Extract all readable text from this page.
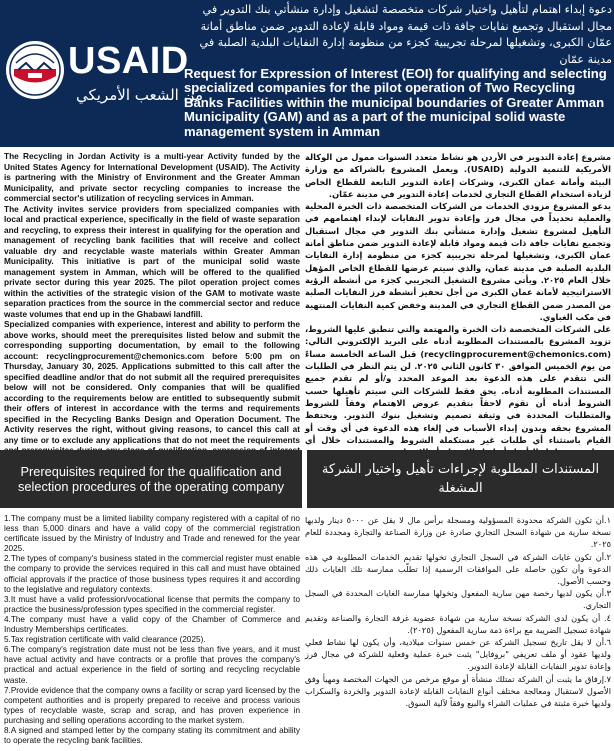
USAID
من الشعب الأمريكي
دعوة إبداء اهتمام لتأهيل واختيار شركات متخصصة لتشغيل وإدارة منشأتي بنك التدوير في مجال استقبال وتجميع نفايات جافة ذات قيمة ومواد قابلة لإعادة التدوير ضمن مناطق أمانة عمّان الكبرى، وتشغيلها لمرحلة تجريبية كجزء من منظومة إدارة النفايات البلدية الصلبة في مدينة عمّان
Request for Expression of Interest (EOI) for qualifying and selecting specialized companies for the pilot operation of Two Recycling Banks Facilities within the municipal boundaries of Greater Amman Municipality (GAM) and as a part of the municipal solid waste management system in Amman

The Recycling in Jordan Activity is a multi-year Activity funded by the United States Agency for International Development (USAID). The Activity is partnering with the Ministry of Environment and the Greater Amman Municipality, and private sector recycling companies to increase the commercial sector's utilization of recycling services in Amman.

The Activity invites service providers from specialized companies with local and practical experience, specifically in the field of waste separation and recycling, to express their interest in qualifying for the operation and management of recycling bank facilities that will receive and collect valuable dry and recyclable waste materials within Greater Amman Municipality. This initiative is part of the municipal solid waste management system in Amman, which will be offered to the qualified private sector during this year 2025. The pilot operation project comes within the activities of the strategic vision of the GAM to motivate waste separation practices from the source in the commercial sector and reduce waste volumes that end up in the Ghabawi landfill.

Specialized companies with experience, interest and ability to perform the above works, should meet the prerequisites listed below and submit the corresponding supporting documentation, by email to the following account: recyclingprocurement@chemonics.com before 5:00 pm on Thursday, January 30, 2025. Applications submitted to this call after the specified deadline and/or that do not submit all the required prerequisites below will not be considered. Only companies that will be qualified according to the requirements below are entitled to subsequently submit their offers of interest in accordance with the terms and requirements specified in the Recycling Banks Design and Operation Document. The Activity reserves the right, without giving reasons, to cancel this call at any time or to exclude any applications that do not meet the requirements

مشروع إعادة التدوير في الأردن هو نشاط متعدد السنوات ممول من الوكالة الأمريكية للتنمية الدولية (USAID). ويعمل المشروع بالشراكة مع وزارة البيئة وأمانة عمان الكبرى، وشركات إعادة التدوير التابعة للقطاع الخاص لزيادة استخدام القطاع التجاري لخدمات إعادة التدوير في مدينة عمّان.

يدعو المشروع مزودي الخدمات من الشركات المتخصصة ذات الخبرة المحلية والعملية تحديداً في مجال فرز وإعادة تدوير النفايات لإبداء اهتمامهم في التأهيل لمشروع تشغيل وإدارة منشأتي بنك التدوير في مجال استقبال وتجميع نفايات جافة ذات قيمة ومواد قابلة لإعادة التدوير ضمن مناطق أمانة عمان الكبرى، وتشغيلها لمرحلة تجريبية كجزء من منظومة إدارة النفايات البلدية الصلبة في مدينة عمان، والذي سيتم عرضها للقطاع الخاص المؤهل خلال العام ٢٠٢٥. ويأتي مشروع التشغيل التجريبي كجزء من أنشطة الرؤية الاستراتيجية لأمانة عمان الكبرى من أجل تحفيز أنشطة فرز النفايات الصلبة من المصدر ضمن القطاع التجاري في المدينة وخفض كمية النفايات المنتهية في مكب الغباوي.

على الشركات المتخصصة ذات الخبرة والمهتمة والتي تنطبق عليها الشروط، تزويد المشروع بالمستندات المطلوبة أدناه على البريد الإلكتروني التالي: (recyclingprocurement@chemonics.com) قبل الساعة الخامسة مساءً من يوم الخميس الموافق ٣٠ كانون الثاني ٢٠٢٥. لن يتم النظر في الطلبات التي تتقدم على هذه الدعوة بعد الموعد المحدد و/أو لم تقدم جميع المستندات المطلوبة أدناه. يحق فقط للشركات التي سيتم تأهيلها حسب الشروط أدناه أن تقوم لاحقاً بتقديم عروض الاهتمام وفقاً للشروط والمتطلبات المحددة في وثيقة تصميم وتشغيل بنوك التدوير. ويحتفظ المشروع بحقه وبدون إبداء الأسباب في إلغاء هذه الدعوة في أي وقت أو القيام باستثناء أي طلبات غير مستكملة الشروط والمستندات خلال أي

Prerequisites required for the qualification and selection procedures of the operating company
المستندات المطلوبة لإجراءات تأهيل واختيار الشركة المشغلة

1.The company must be a limited liability company registered with a capital of no less than 5,000 dinars and have a valid copy of the commercial registration certificate issued by the Ministry of Industry and Trade and renewed for the year 2025.

2.The types of company's business stated in the commercial register must enable the company to provide the services required in this call and must have obtained official approvals if the practice of those business types requires it and according to the legislative and regulatory contexts.

3.It must have a valid profession/vocational license that permits the company to practice the business/profession types specified in the commercial register.

4.The company must have a valid copy of the Chamber of Commerce and Industry Memberships certificates.

5.Tax registration certificate with valid clearance (2025).

6.The company's registration date must not be less than five years, and it must have actual activity and have contracts or a profile that proves the company's practical and actual experience in the field of sorting and recycling recyclable waste.

7.Provide evidence that the company owns a facility or scrap yard licensed by the competent authorities and is properly prepared to receive and process various types of recyclable waste, scrap and scrap, and has proven experience in purchasing and selling operations according to the market system.

8.A signed and stamped letter by the company stating its commitment and ability to operate the recycling bank facilities.

١.أن تكون الشركة محدودة المسؤولية ومسجلة برأس مال لا يقل عن ٥٠٠٠ دينار ولديها نسخة سارية من شهادة السجل التجاري صادرة عن وزارة الصناعة والتجارة ومجددة للعام ٢٠٢٥.

٢.أن تكون غايات الشركة في السجل التجاري تخولها تقديم الخدمات المطلوبة في هذه الدعوة وأن تكون حاصلة على الموافقات الرسمية إذا تطلّب ممارسة تلك الغايات ذلك وحسب الأصول.

٣.أن يكون لديها رخصة مهن سارية المفعول وتخولها ممارسة الغايات المحددة في السجل التجاري.

٤. أن يكون لدى الشركة نسخة سارية من شهادة عضوية غرفة التجارة والصناعة وتقديم شهادة تسجيل الضريبة مع براءة ذمة سارية المفعول (٢٠٢٥).

٦.أن لا يقل تاريخ تسجيل الشركة عن خمس سنوات ميلادية، وأن يكون لها نشاط فعلي ولديها عقود أو ملف تعريفي "بروفايل" يثبت خبرة عملية وفعلية للشركة في مجال فرز وإعادة تدوير النفايات القابلة لإعادة التدوير.

٧.إرفاق ما يثبت أن الشركة تمتلك منشأة أو موقع مرخص من الجهات المختصة ومهيأ وفق الأصول لاستقبال ومعالجة مختلف أنواع النفايات القابلة لإعادة التدوير والخردة والسكراب ولديها خبرة مثبتة في عمليات الشراء والبيع وفقاً لآلية السوق.
